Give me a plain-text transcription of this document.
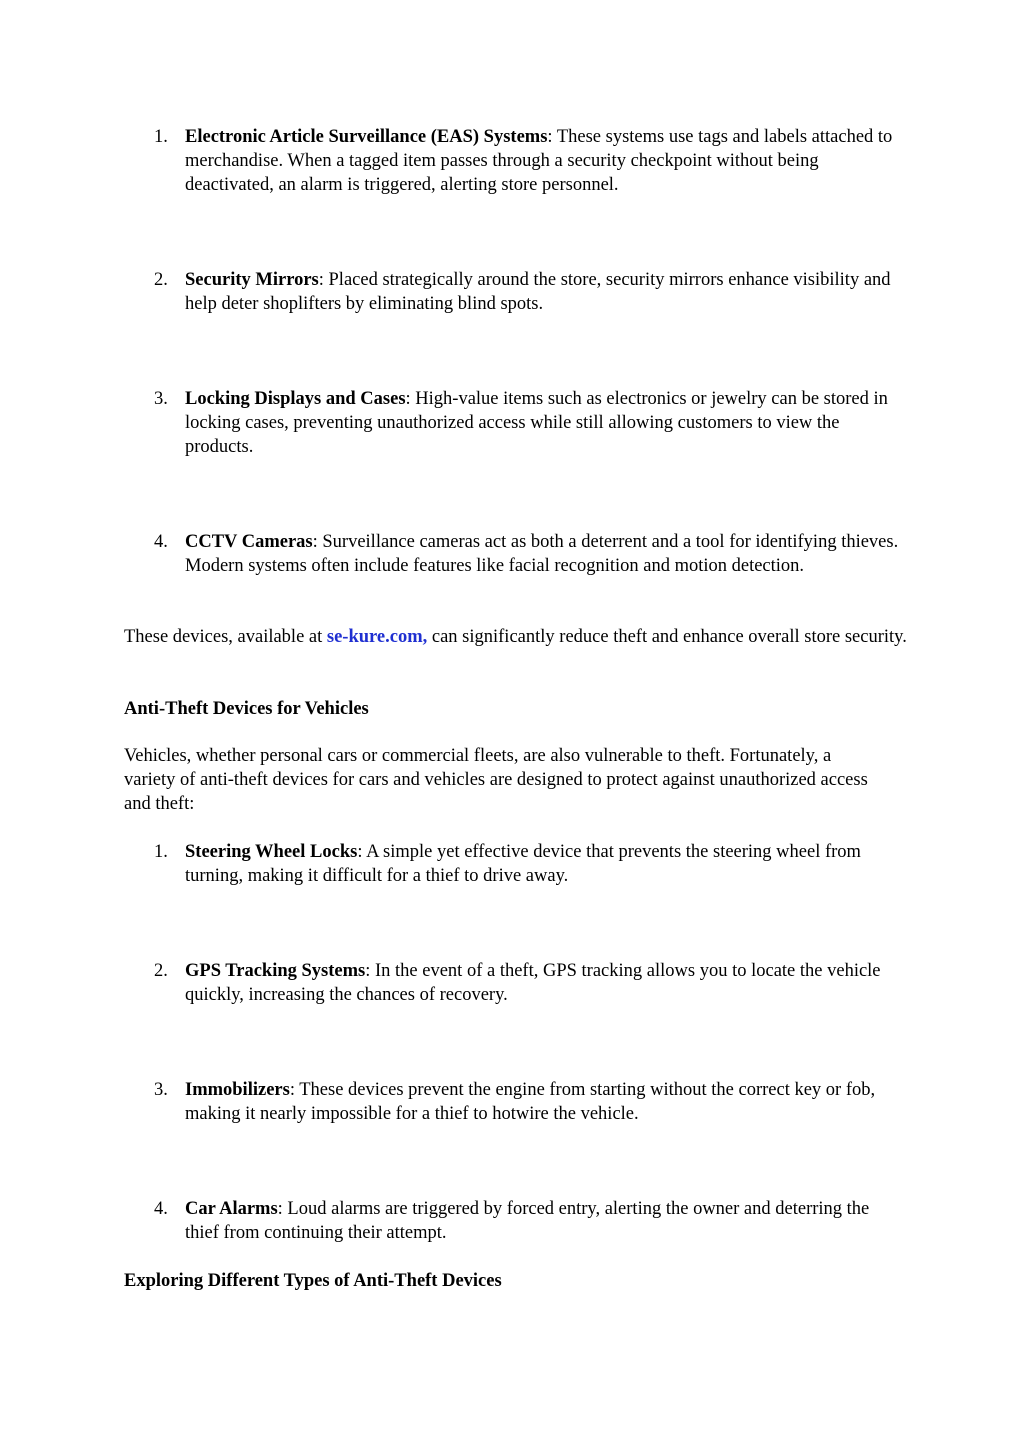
1. Electronic Article Surveillance (EAS) Systems: These systems use tags and labels attached to merchandise. When a tagged item passes through a security checkpoint without being deactivated, an alarm is triggered, alerting store personnel.
2. Security Mirrors: Placed strategically around the store, security mirrors enhance visibility and help deter shoplifters by eliminating blind spots.
3. Locking Displays and Cases: High-value items such as electronics or jewelry can be stored in locking cases, preventing unauthorized access while still allowing customers to view the products.
4. CCTV Cameras: Surveillance cameras act as both a deterrent and a tool for identifying thieves. Modern systems often include features like facial recognition and motion detection.
These devices, available at se-kure.com, can significantly reduce theft and enhance overall store security.
Anti-Theft Devices for Vehicles
Vehicles, whether personal cars or commercial fleets, are also vulnerable to theft. Fortunately, a variety of anti-theft devices for cars and vehicles are designed to protect against unauthorized access and theft:
1. Steering Wheel Locks: A simple yet effective device that prevents the steering wheel from turning, making it difficult for a thief to drive away.
2. GPS Tracking Systems: In the event of a theft, GPS tracking allows you to locate the vehicle quickly, increasing the chances of recovery.
3. Immobilizers: These devices prevent the engine from starting without the correct key or fob, making it nearly impossible for a thief to hotwire the vehicle.
4. Car Alarms: Loud alarms are triggered by forced entry, alerting the owner and deterring the thief from continuing their attempt.
Exploring Different Types of Anti-Theft Devices
